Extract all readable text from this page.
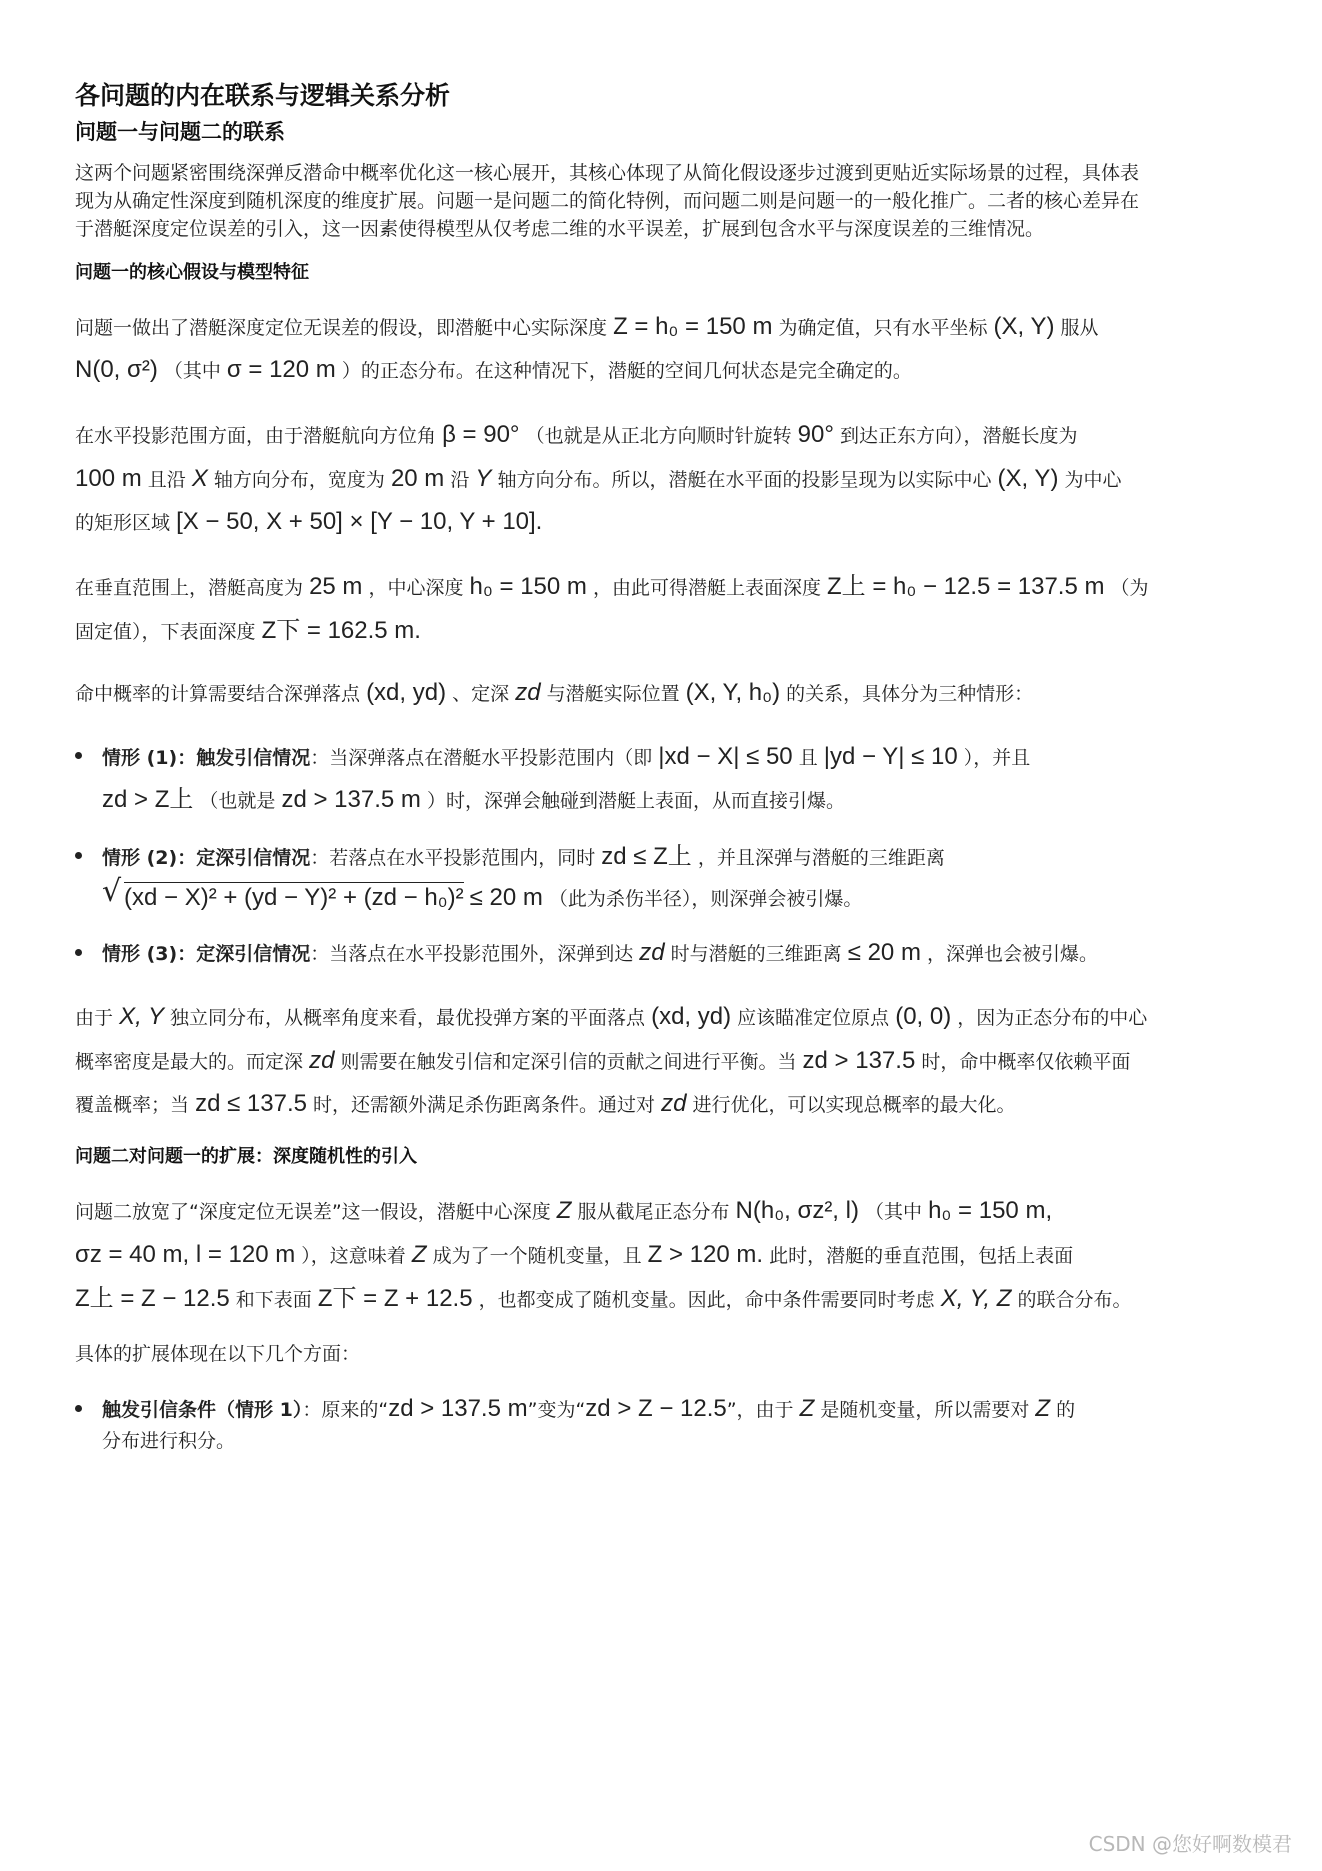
各问题的内在联系与逻辑关系分析
问题一与问题二的联系

这两个问题紧密围绕深弹反潜命中概率优化这一核心展开，其核心体现了从简化假设逐步过渡到更贴近实际场景的过程，具体表

现为从确定性深度到随机深度的维度扩展。问题一是问题二的简化特例，而问题二则是问题一的一般化推广。二者的核心差异在

于潜艇深度定位误差的引入，这一因素使得模型从仅考虑二维的水平误差，扩展到包含水平与深度误差的三维情况。

问题一的核心假设与模型特征

问题一做出了潜艇深度定位无误差的假设，即潜艇中心实际深度 Z = h₀ = 150 m 为确定值，只有水平坐标 (X, Y) 服从

N(0, σ²) （其中 σ = 120 m ）的正态分布。在这种情况下，潜艇的空间几何状态是完全确定的。

在水平投影范围方面，由于潜艇航向方位角 β = 90° （也就是从正北方向顺时针旋转 90° 到达正东方向），潜艇长度为

100 m 且沿 X 轴方向分布，宽度为 20 m 沿 Y 轴方向分布。所以，潜艇在水平面的投影呈现为以实际中心 (X, Y) 为中心

的矩形区域 [X − 50, X + 50] × [Y − 10, Y + 10].

在垂直范围上，潜艇高度为 25 m ，中心深度 h₀ = 150 m ，由此可得潜艇上表面深度 Z上 = h₀ − 12.5 = 137.5 m （为

固定值），下表面深度 Z下 = 162.5 m.

命中概率的计算需要结合深弹落点 (xd, yd) 、定深 zd 与潜艇实际位置 (X, Y, h₀) 的关系，具体分为三种情形：

情形 (1)：触发引信情况：当深弹落点在潜艇水平投影范围内（即 |xd − X| ≤ 50 且 |yd − Y| ≤ 10 ），并且

zd > Z上 （也就是 zd > 137.5 m ）时，深弹会触碰到潜艇上表面，从而直接引爆。

情形 (2)：定深引信情况：若落点在水平投影范围内，同时 zd ≤ Z上 ，并且深弹与潜艇的三维距离

√ (xd − X)² + (yd − Y)² + (zd − h₀)² ≤ 20 m （此为杀伤半径），则深弹会被引爆。

情形 (3)：定深引信情况：当落点在水平投影范围外，深弹到达 zd 时与潜艇的三维距离 ≤ 20 m ，深弹也会被引爆。

由于 X, Y 独立同分布，从概率角度来看，最优投弹方案的平面落点 (xd, yd) 应该瞄准定位原点 (0, 0) ，因为正态分布的中心

概率密度是最大的。而定深 zd 则需要在触发引信和定深引信的贡献之间进行平衡。当 zd > 137.5 时，命中概率仅依赖平面

覆盖概率；当 zd ≤ 137.5 时，还需额外满足杀伤距离条件。通过对 zd 进行优化，可以实现总概率的最大化。

问题二对问题一的扩展：深度随机性的引入

问题二放宽了“深度定位无误差”这一假设，潜艇中心深度 Z 服从截尾正态分布 N(h₀, σz², l) （其中 h₀ = 150 m,

σz = 40 m, l = 120 m ），这意味着 Z 成为了一个随机变量，且 Z > 120 m. 此时，潜艇的垂直范围，包括上表面

Z上 = Z − 12.5 和下表面 Z下 = Z + 12.5 ，也都变成了随机变量。因此，命中条件需要同时考虑 X, Y, Z 的联合分布。

具体的扩展体现在以下几个方面：

触发引信条件（情形 1）：原来的“zd > 137.5 m”变为“zd > Z − 12.5”，由于 Z 是随机变量，所以需要对 Z 的

分布进行积分。

CSDN @您好啊数模君
